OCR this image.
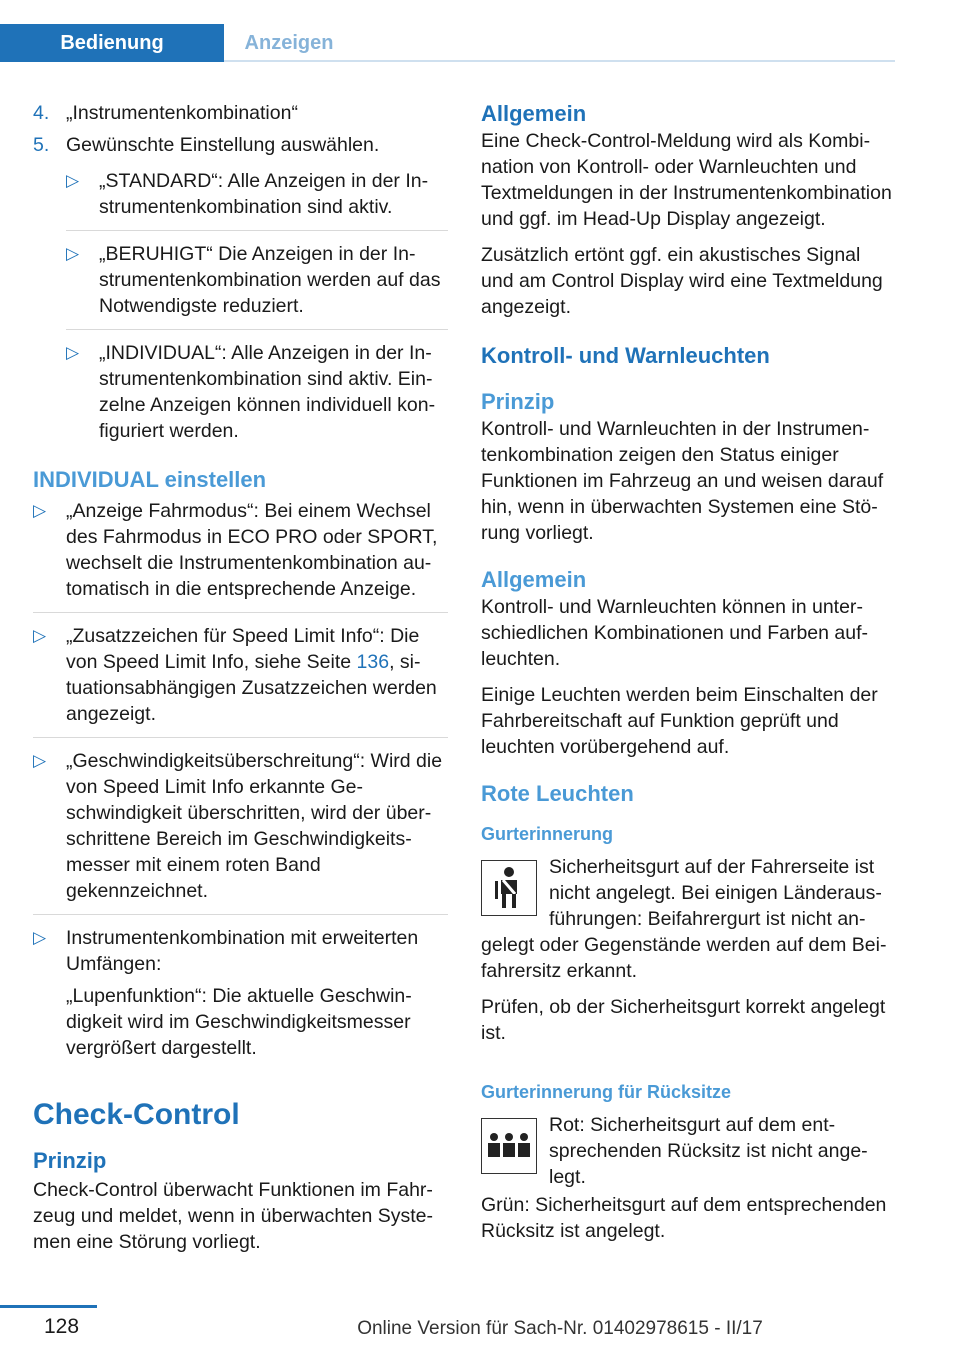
Bedienung	Anzeigen
4. „Instrumentenkombination“
5. Gewünschte Einstellung auswählen.
▷ „STANDARD“: Alle Anzeigen in der Instrumentenkombination sind aktiv.
▷ „BERUHIGT“ Die Anzeigen in der Instrumentenkombination werden auf das Notwendigste reduziert.
▷ „INDIVIDUAL“: Alle Anzeigen in der Instrumentenkombination sind aktiv. Einzelne Anzeigen können individuell konfiguriert werden.
INDIVIDUAL einstellen
▷ „Anzeige Fahrmodus“: Bei einem Wechsel des Fahrmodus in ECO PRO oder SPORT, wechselt die Instrumentenkombination automatisch in die entsprechende Anzeige.
▷ „Zusatzzeichen für Speed Limit Info“: Die von Speed Limit Info, siehe Seite 136, situationsabhängigen Zusatzzeichen werden angezeigt.
▷ „Geschwindigkeitsüberschreitung“: Wird die von Speed Limit Info erkannte Geschwindigkeit überschritten, wird der überschrittene Bereich im Geschwindigkeitsmesser mit einem roten Band gekennzeichnet.
▷ Instrumentenkombination mit erweiterten Umfängen:

„Lupenfunktion“: Die aktuelle Geschwindigkeit wird im Geschwindigkeitsmesser vergrößert dargestellt.

Check-Control
Prinzip

Check-Control überwacht Funktionen im Fahrzeug und meldet, wenn in überwachten Systemen eine Störung vorliegt.

Allgemein

Eine Check-Control-Meldung wird als Kombination von Kontroll- oder Warnleuchten und Textmeldungen in der Instrumentenkombination und ggf. im Head-Up Display angezeigt.

Zusätzlich ertönt ggf. ein akustisches Signal und am Control Display wird eine Textmeldung angezeigt.

Kontroll- und Warnleuchten
Prinzip

Kontroll- und Warnleuchten in der Instrumentenkombination zeigen den Status einiger Funktionen im Fahrzeug an und weisen darauf hin, wenn in überwachten Systemen eine Störung vorliegt.

Allgemein

Kontroll- und Warnleuchten können in unterschiedlichen Kombinationen und Farben aufleuchten.

Einige Leuchten werden beim Einschalten der Fahrbereitschaft auf Funktion geprüft und leuchten vorübergehend auf.

Rote Leuchten
Gurterinnerung

Sicherheitsgurt auf der Fahrerseite ist nicht angelegt. Bei einigen Länderausführungen: Beifahrergurt ist nicht angelegt oder Gegenstände werden auf dem Beifahrersitz erkannt.

Prüfen, ob der Sicherheitsgurt korrekt angelegt ist.

Gurterinnerung für Rücksitze

Rot: Sicherheitsgurt auf dem entsprechenden Rücksitz ist nicht angelegt.

Grün: Sicherheitsgurt auf dem entsprechenden Rücksitz ist angelegt.

128	Online Version für Sach-Nr. 01402978615 - II/17
